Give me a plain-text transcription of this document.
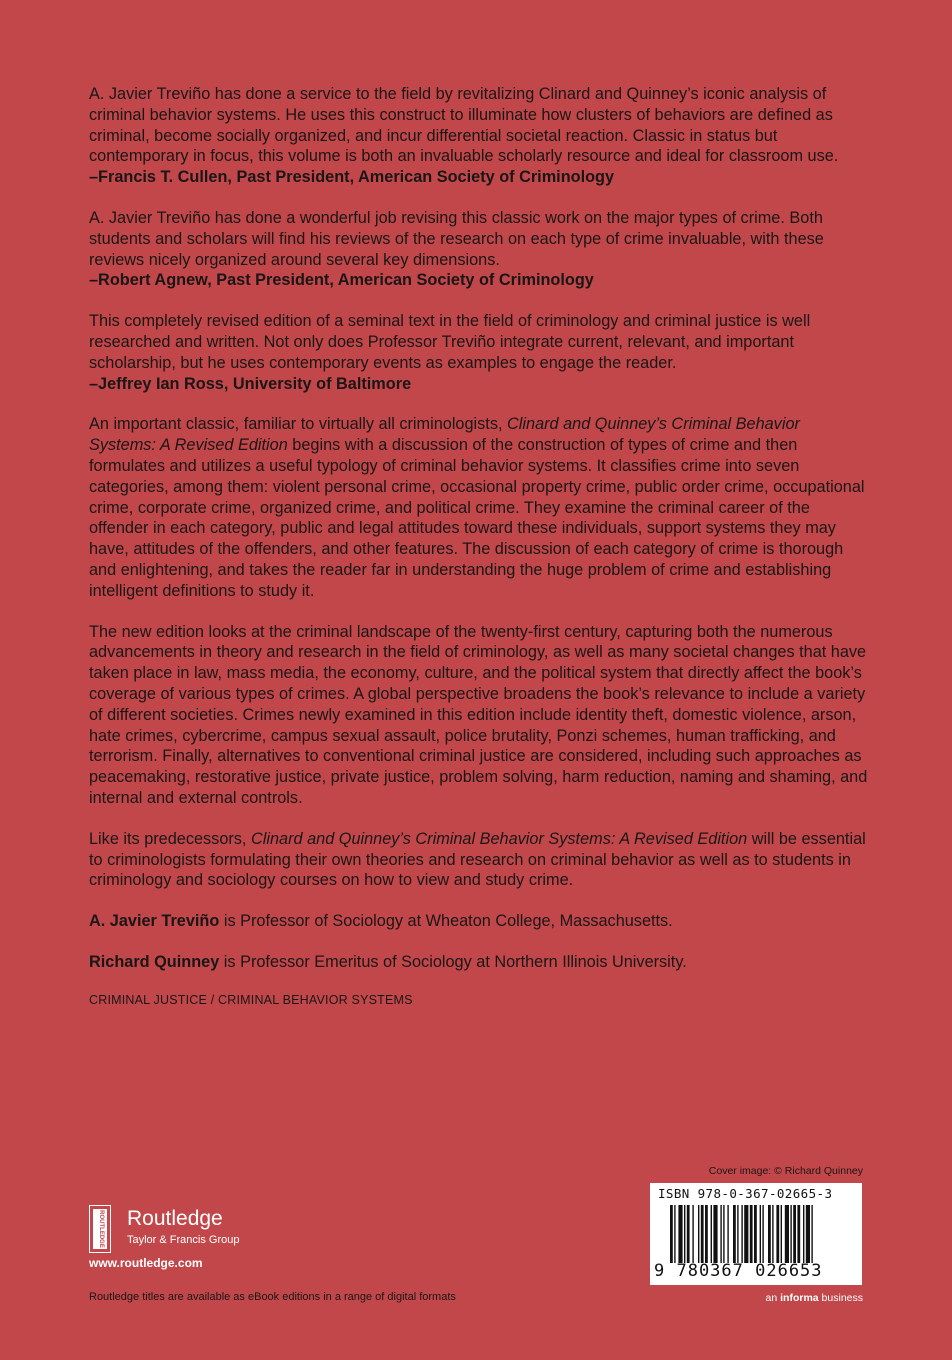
A. Javier Treviño has done a service to the field by revitalizing Clinard and Quinney’s iconic analysis of criminal behavior systems. He uses this construct to illuminate how clusters of behaviors are defined as criminal, become socially organized, and incur differential societal reaction. Classic in status but contemporary in focus, this volume is both an invaluable scholarly resource and ideal for classroom use.
–Francis T. Cullen, Past President, American Society of Criminology

A. Javier Treviño has done a wonderful job revising this classic work on the major types of crime. Both students and scholars will find his reviews of the research on each type of crime invaluable, with these reviews nicely organized around several key dimensions.
–Robert Agnew, Past President, American Society of Criminology

This completely revised edition of a seminal text in the field of criminology and criminal justice is well researched and written. Not only does Professor Treviño integrate current, relevant, and important scholarship, but he uses contemporary events as examples to engage the reader.
–Jeffrey Ian Ross, University of Baltimore

An important classic, familiar to virtually all criminologists, Clinard and Quinney’s Criminal Behavior Systems: A Revised Edition begins with a discussion of the construction of types of crime and then formulates and utilizes a useful typology of criminal behavior systems. It classifies crime into seven categories, among them: violent personal crime, occasional property crime, public order crime, occupational crime, corporate crime, organized crime, and political crime. They examine the criminal career of the offender in each category, public and legal attitudes toward these individuals, support systems they may have, attitudes of the offenders, and other features. The discussion of each category of crime is thorough and enlightening, and takes the reader far in understanding the huge problem of crime and establishing intelligent definitions to study it.

The new edition looks at the criminal landscape of the twenty-first century, capturing both the numerous advancements in theory and research in the field of criminology, as well as many societal changes that have taken place in law, mass media, the economy, culture, and the political system that directly affect the book’s coverage of various types of crimes. A global perspective broadens the book’s relevance to include a variety of different societies. Crimes newly examined in this edition include identity theft, domestic violence, arson, hate crimes, cybercrime, campus sexual assault, police brutality, Ponzi schemes, human trafficking, and terrorism. Finally, alternatives to conventional criminal justice are considered, including such approaches as peacemaking, restorative justice, private justice, problem solving, harm reduction, naming and shaming, and internal and external controls.

Like its predecessors, Clinard and Quinney’s Criminal Behavior Systems: A Revised Edition will be essential to criminologists formulating their own theories and research on criminal behavior as well as to students in criminology and sociology courses on how to view and study crime.

A. Javier Treviño is Professor of Sociology at Wheaton College, Massachusetts.

Richard Quinney is Professor Emeritus of Sociology at Northern Illinois University.

CRIMINAL JUSTICE / CRIMINAL BEHAVIOR SYSTEMS
Cover image: © Richard Quinney
ISBN 978-0-367-02665-3
9 780367 026653
an informa business
ROUTLEDGE Routledge
Taylor & Francis Group
www.routledge.com
Routledge titles are available as eBook editions in a range of digital formats
